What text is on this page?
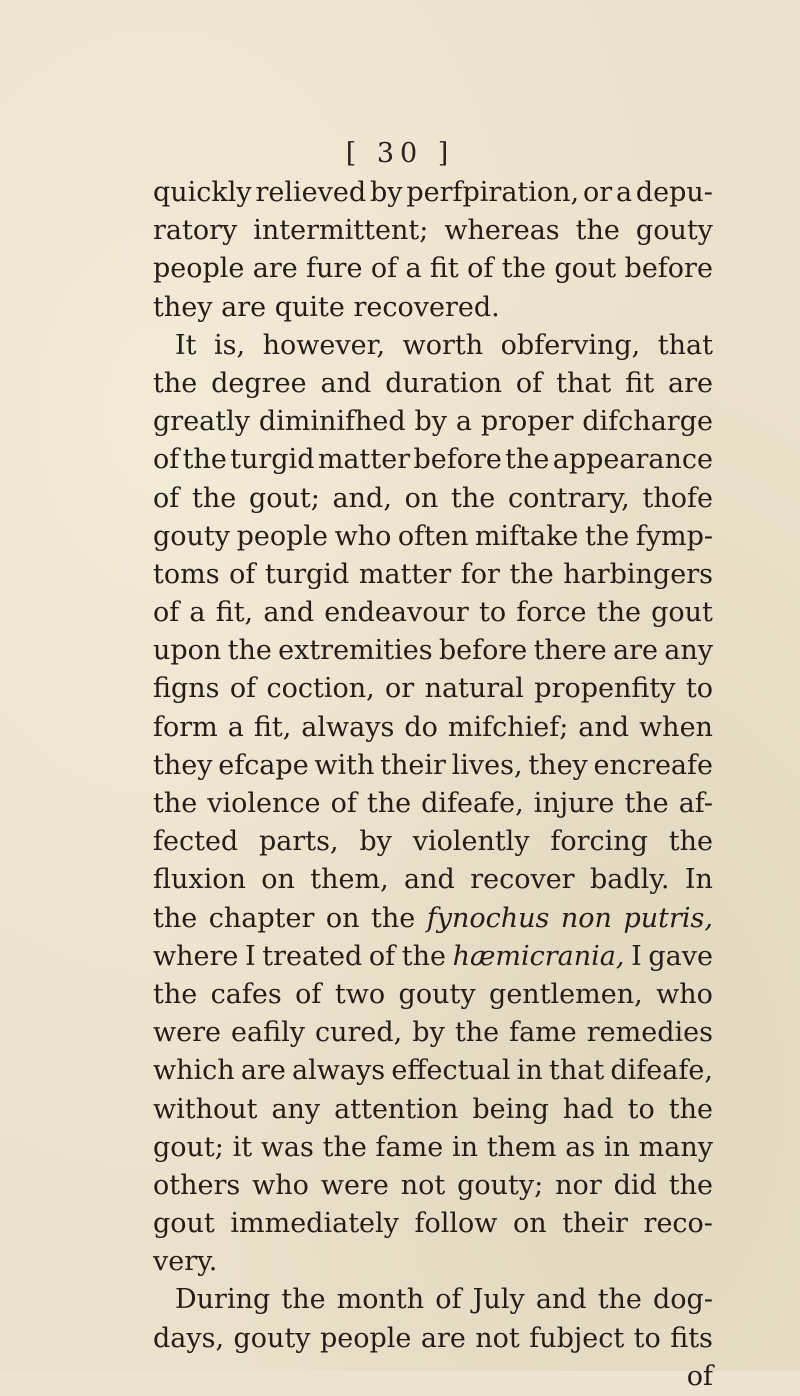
[ 30 ]
quickly relieved by perfpiration, or a depu-
ratory intermittent; whereas the gouty
people are fure of a fit of the gout before
they are quite recovered.
It is, however, worth obferving, that
the degree and duration of that fit are
greatly diminifhed by a proper difcharge
of the turgid matter before the appearance
of the gout; and, on the contrary, thofe
gouty people who often miftake the fymp-
toms of turgid matter for the harbingers
of a fit, and endeavour to force the gout
upon the extremities before there are any
figns of coction, or natural propenfity to
form a fit, always do mifchief; and when
they efcape with their lives, they encreafe
the violence of the difeafe, injure the af-
fected parts, by violently forcing the
fluxion on them, and recover badly. In
the chapter on the fynochus non putris,
where I treated of the hæmicrania, I gave
the cafes of two gouty gentlemen, who
were eafily cured, by the fame remedies
which are always effectual in that difeafe,
without any attention being had to the
gout; it was the fame in them as in many
others who were not gouty; nor did the
gout immediately follow on their reco-
very.
During the month of July and the dog-
days, gouty people are not fubject to fits
of
